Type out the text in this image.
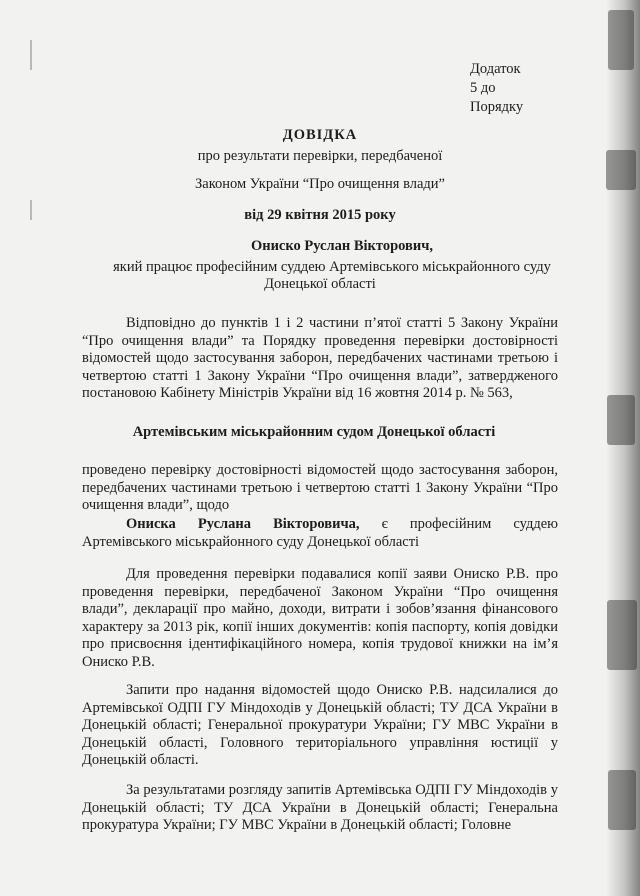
Додаток
5 до
Порядку
ДОВІДКА
про результати перевірки, передбаченої
Законом України “Про очищення влади”
від 29 квітня 2015 року
Ониско Руслан Вікторович,
який працює професійним суддею Артемівського міськрайонного суду
Донецької області

Відповідно до пунктів 1 і 2 частини п’ятої статті 5 Закону України “Про очищення влади” та Порядку проведення перевірки достовірності відомостей щодо застосування заборон, передбачених частинами третьою і четвертою статті 1 Закону України “Про очищення влади”, затвердженого постановою Кабінету Міністрів України від 16 жовтня 2014 р. № 563,

Артемівським міськрайонним судом Донецької області

проведено перевірку достовірності відомостей щодо застосування заборон, передбачених частинами третьою і четвертою статті 1 Закону України “Про очищення влади”, щодо

Ониска Руслана Вікторовича, є професійним суддею Артемівського міськрайонного суду Донецької області

Для проведення перевірки подавалися копії заяви Ониско Р.В. про проведення перевірки, передбаченої Законом України “Про очищення влади”, декларації про майно, доходи, витрати і зобов’язання фінансового характеру за 2013 рік, копії інших документів: копія паспорту, копія довідки про присвоєння ідентифікаційного номера, копія трудової книжки на ім’я Ониско Р.В.

Запити про надання відомостей щодо Ониско Р.В. надсилалися до Артемівської ОДПІ ГУ Міндоходів у Донецькій області; ТУ ДСА України в Донецькій області; Генеральної прокуратури України; ГУ МВС України в Донецькій області, Головного територіального управління юстиції у Донецькій області.

За результатами розгляду запитів Артемівська ОДПІ ГУ Міндоходів у Донецькій області; ТУ ДСА України в Донецькій області; Генеральна прокуратура України; ГУ МВС України в Донецькій області; Головне
